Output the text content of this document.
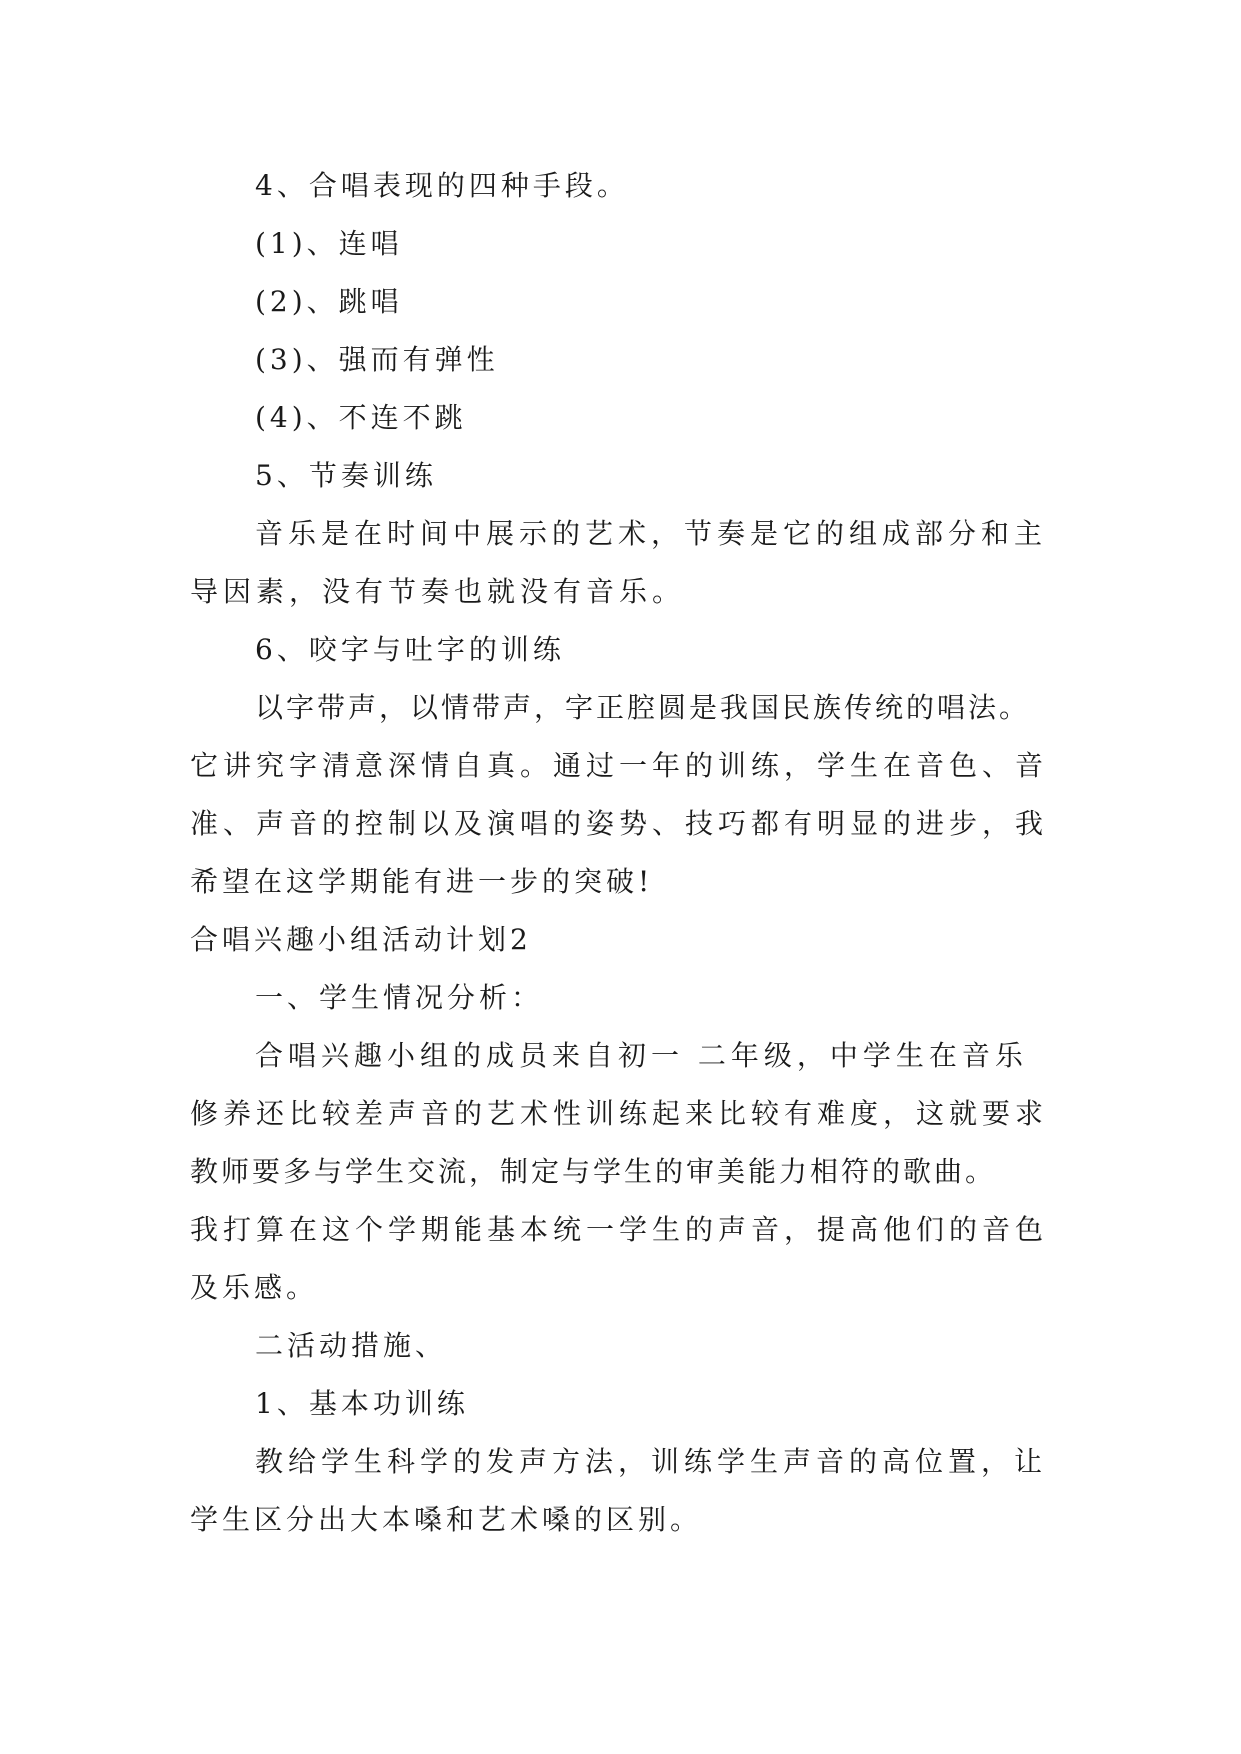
4、合唱表现的四种手段。
(1)、连唱
(2)、跳唱
(3)、强而有弹性
(4)、不连不跳
5、节奏训练
音乐是在时间中展示的艺术，节奏是它的组成部分和主
导因素，没有节奏也就没有音乐。
6、咬字与吐字的训练
以字带声，以情带声，字正腔圆是我国民族传统的唱法。
它讲究字清意深情自真。通过一年的训练，学生在音色、音
准、声音的控制以及演唱的姿势、技巧都有明显的进步，我
希望在这学期能有进一步的突破!
合唱兴趣小组活动计划2
一、学生情况分析：
合唱兴趣小组的成员来自初一 二年级，中学生在音乐
修养还比较差声音的艺术性训练起来比较有难度，这就要求
教师要多与学生交流，制定与学生的审美能力相符的歌曲。
我打算在这个学期能基本统一学生的声音，提高他们的音色
及乐感。
二活动措施、
1、基本功训练
教给学生科学的发声方法，训练学生声音的高位置，让
学生区分出大本嗓和艺术嗓的区别。
